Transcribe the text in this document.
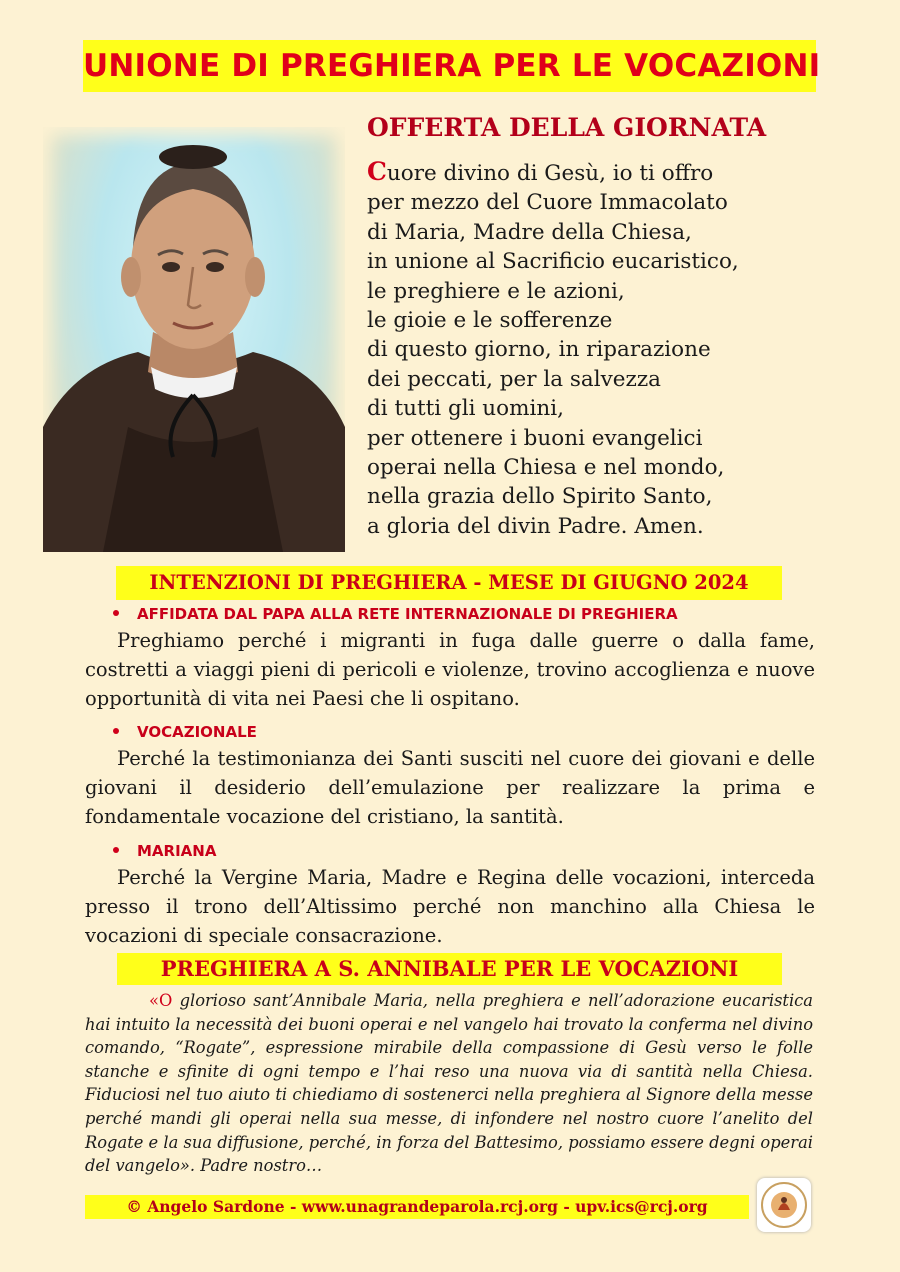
UNIONE DI PREGHIERA PER LE VOCAZIONI
OFFERTA DELLA GIORNATA
Cuore divino di Gesù, io ti offro
per mezzo del Cuore Immacolato
di Maria, Madre della Chiesa,
in unione al Sacrificio eucaristico,
le preghiere e le azioni,
le gioie e le sofferenze
di questo giorno, in riparazione
dei peccati, per la salvezza
di tutti gli uomini,
per ottenere i buoni evangelici
operai nella Chiesa e nel mondo,
nella grazia dello Spirito Santo,
a gloria del divin Padre. Amen.
INTENZIONI DI PREGHIERA - MESE DI GIUGNO 2024
AFFIDATA DAL PAPA ALLA RETE INTERNAZIONALE DI PREGHIERA
Preghiamo perché i migranti in fuga dalle guerre o dalla fame, costretti a viaggi pieni di pericoli e violenze, trovino accoglienza e nuove opportunità di vita nei Paesi che li ospitano.
VOCAZIONALE
Perché la testimonianza dei Santi susciti nel cuore dei giovani e delle giovani il desiderio dell’emulazione per realizzare la prima e fondamentale vocazione del cristiano, la santità.
MARIANA
Perché la Vergine Maria, Madre e Regina delle vocazioni, interceda presso il trono dell’Altissimo perché non manchino alla Chiesa le vocazioni di speciale consacrazione.
PREGHIERA A S. ANNIBALE PER LE VOCAZIONI
«O glorioso sant’Annibale Maria, nella preghiera e nell’adorazione eucaristica hai intuito la necessità dei buoni operai e nel vangelo hai trovato la conferma nel divino comando, “Rogate”, espressione mirabile della compassione di Gesù verso le folle stanche e sfinite di ogni tempo e l’hai reso una nuova via di santità nella Chiesa. Fiduciosi nel tuo aiuto ti chiediamo di sostenerci nella preghiera al Signore della messe perché mandi gli operai nella sua messe, di infondere nel nostro cuore l’anelito del Rogate e la sua diffusione, perché, in forza del Battesimo, possiamo essere degni operai del vangelo». Padre nostro…
© Angelo Sardone - www.unagrandeparola.rcj.org - upv.ics@rcj.org
